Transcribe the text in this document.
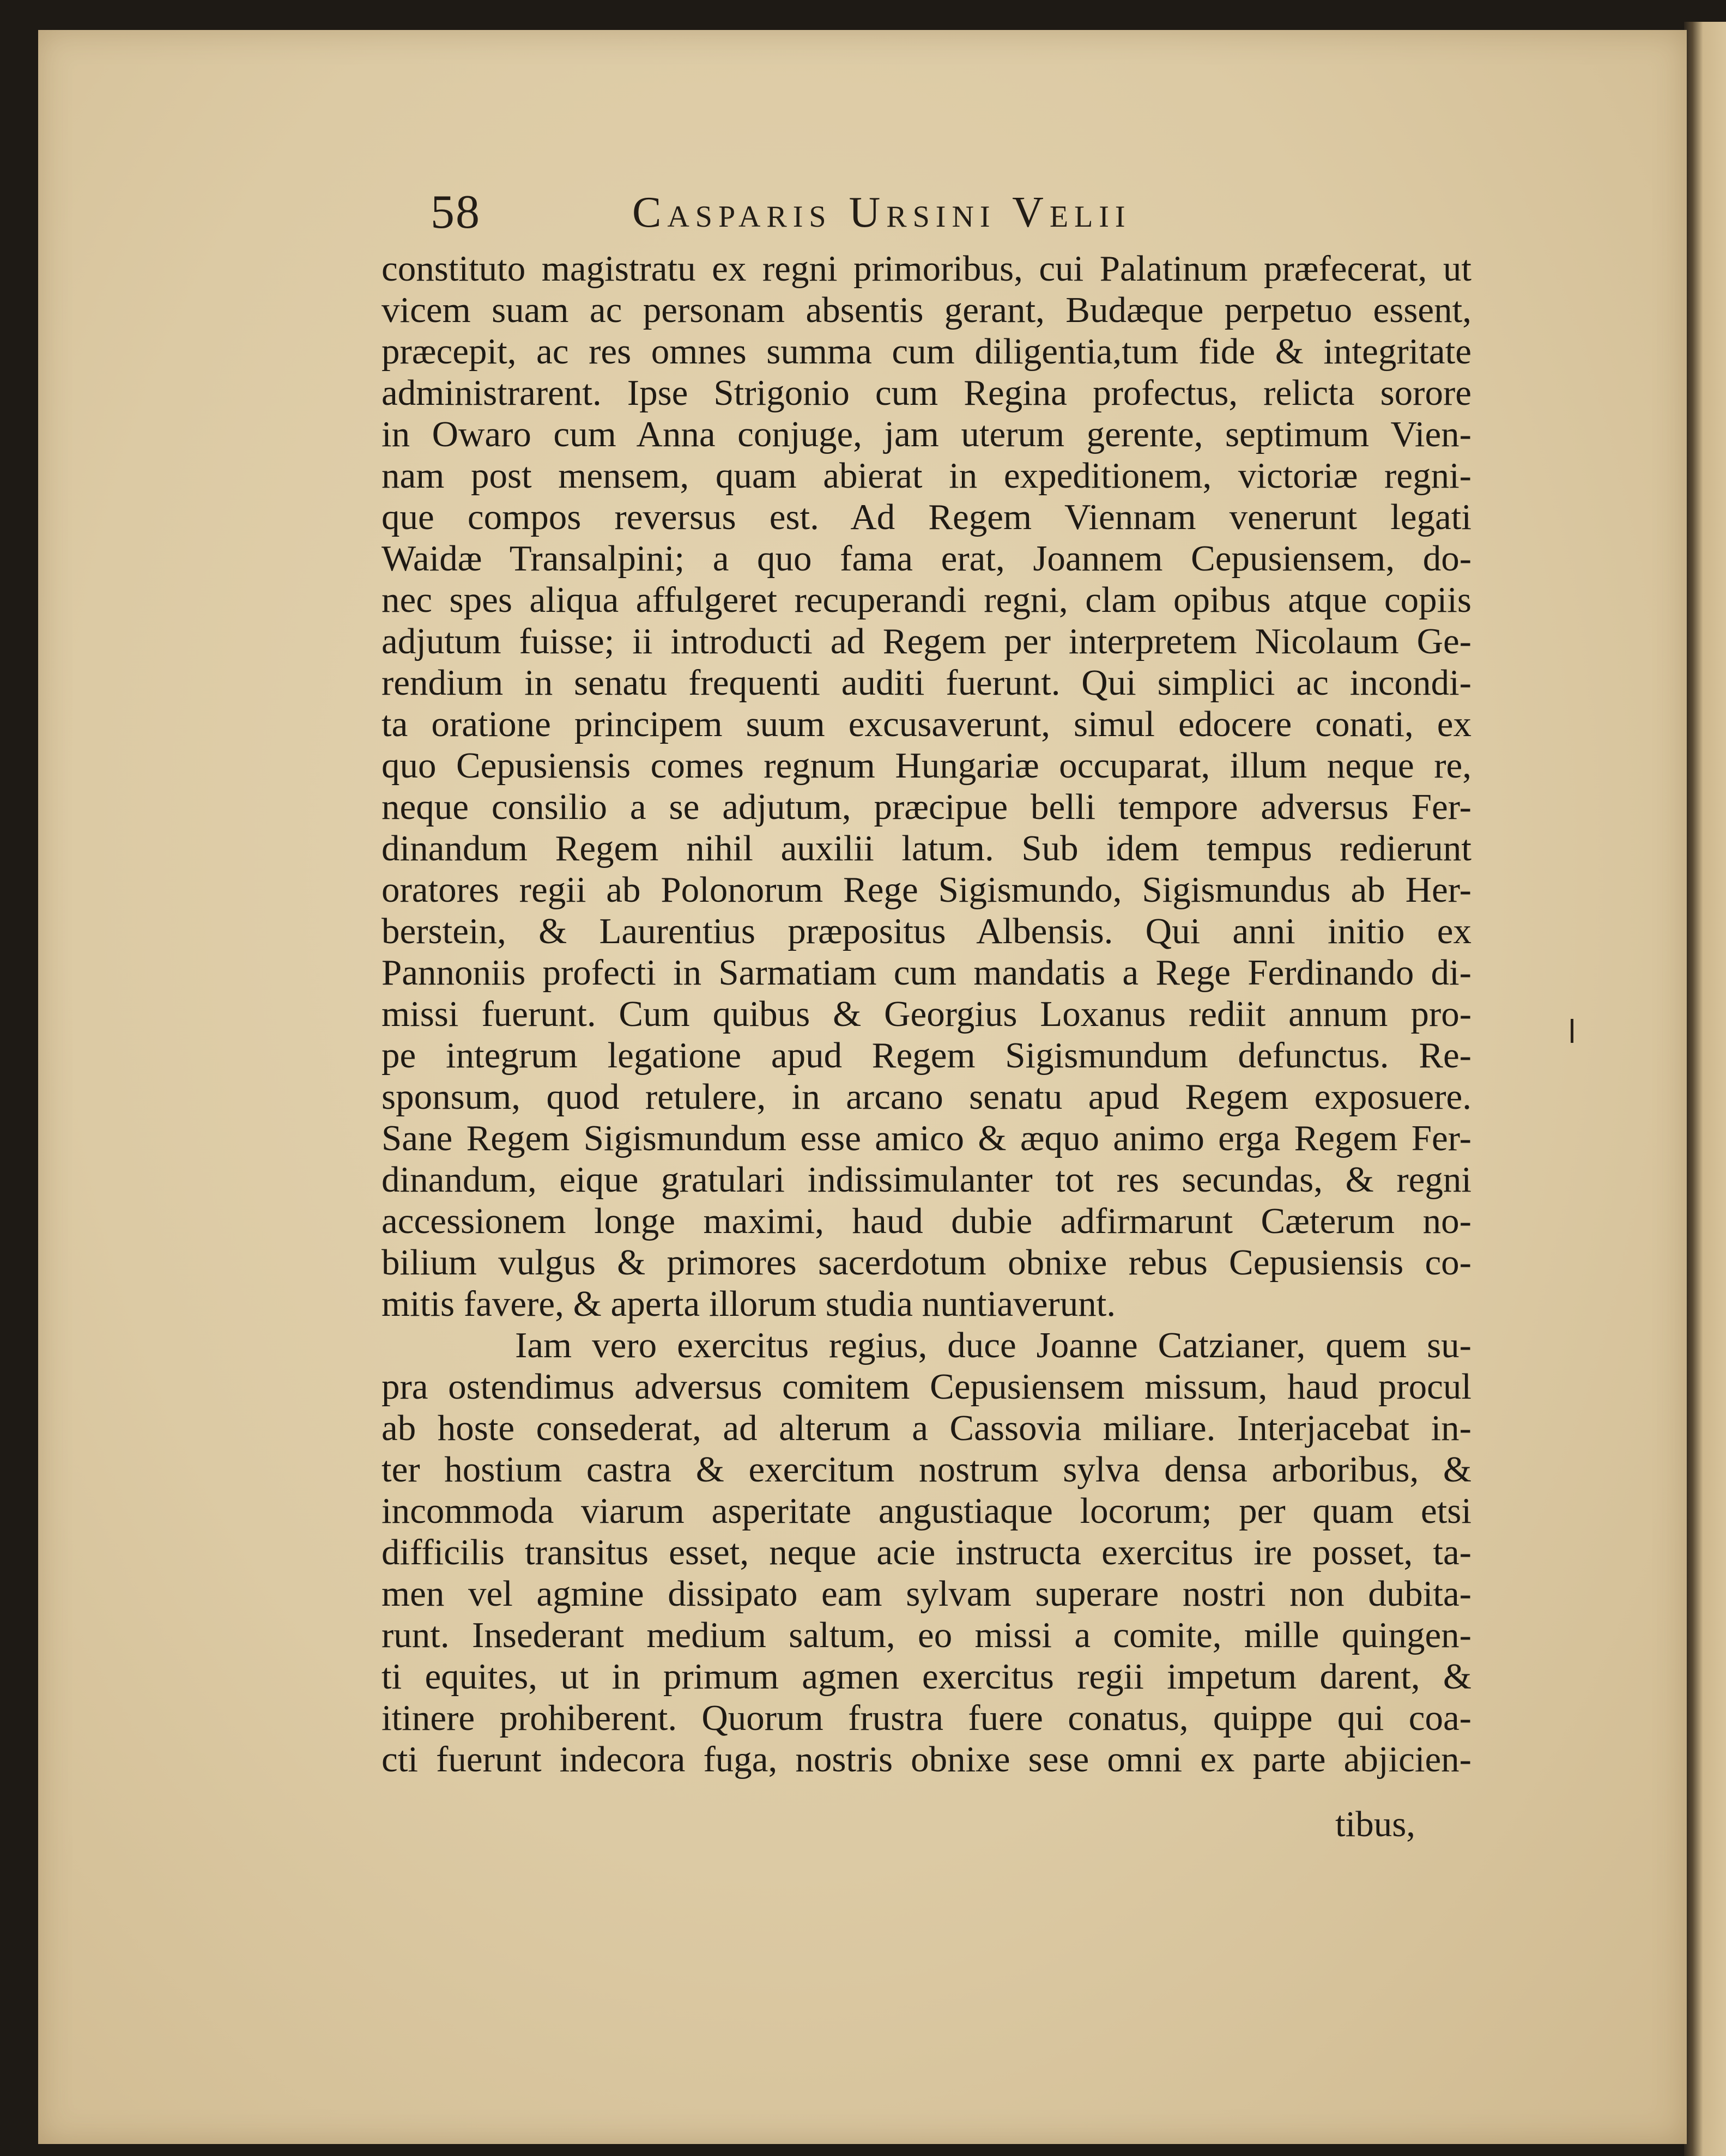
58	Casparis Ursini Velii
constituto magistratu ex regni primoribus, cui Palatinum præfecerat, ut
vicem suam ac personam absentis gerant, Budæque perpetuo essent,
præcepit, ac res omnes summa cum diligentia,tum fide & integritate
administrarent. Ipse Strigonio cum Regina profectus, relicta sorore
in Owaro cum Anna conjuge, jam uterum gerente, septimum Vien-
nam post mensem, quam abierat in expeditionem, victoriæ regni-
que compos reversus est. Ad Regem Viennam venerunt legati
Waidæ Transalpini; a quo fama erat, Joannem Cepusiensem, do-
nec spes aliqua affulgeret recuperandi regni, clam opibus atque copiis
adjutum fuisse; ii introducti ad Regem per interpretem Nicolaum Ge-
rendium in senatu frequenti auditi fuerunt. Qui simplici ac incondi-
ta oratione principem suum excusaverunt, simul edocere conati, ex
quo Cepusiensis comes regnum Hungariæ occuparat, illum neque re,
neque consilio a se adjutum, præcipue belli tempore adversus Fer-
dinandum Regem nihil auxilii latum. Sub idem tempus redierunt
oratores regii ab Polonorum Rege Sigismundo, Sigismundus ab Her-
berstein, & Laurentius præpositus Albensis. Qui anni initio ex
Pannoniis profecti in Sarmatiam cum mandatis a Rege Ferdinando di-
missi fuerunt. Cum quibus & Georgius Loxanus rediit annum pro-
pe integrum legatione apud Regem Sigismundum defunctus. Re-
sponsum, quod retulere, in arcano senatu apud Regem exposuere.
Sane Regem Sigismundum esse amico & æquo animo erga Regem Fer-
dinandum, eique gratulari indissimulanter tot res secundas, & regni
accessionem longe maximi, haud dubie adfirmarunt Cæterum no-
bilium vulgus & primores sacerdotum obnixe rebus Cepusiensis co-
mitis favere, & aperta illorum studia nuntiaverunt.
Iam vero exercitus regius, duce Joanne Catzianer, quem su-
pra ostendimus adversus comitem Cepusiensem missum, haud procul
ab hoste consederat, ad alterum a Cassovia miliare. Interjacebat in-
ter hostium castra & exercitum nostrum sylva densa arboribus, &
incommoda viarum asperitate angustiaque locorum; per quam etsi
difficilis transitus esset, neque acie instructa exercitus ire posset, ta-
men vel agmine dissipato eam sylvam superare nostri non dubita-
runt. Insederant medium saltum, eo missi a comite, mille quingen-
ti equites, ut in primum agmen exercitus regii impetum darent, &
itinere prohiberent. Quorum frustra fuere conatus, quippe qui coa-
cti fuerunt indecora fuga, nostris obnixe sese omni ex parte abjicien-
tibus,
